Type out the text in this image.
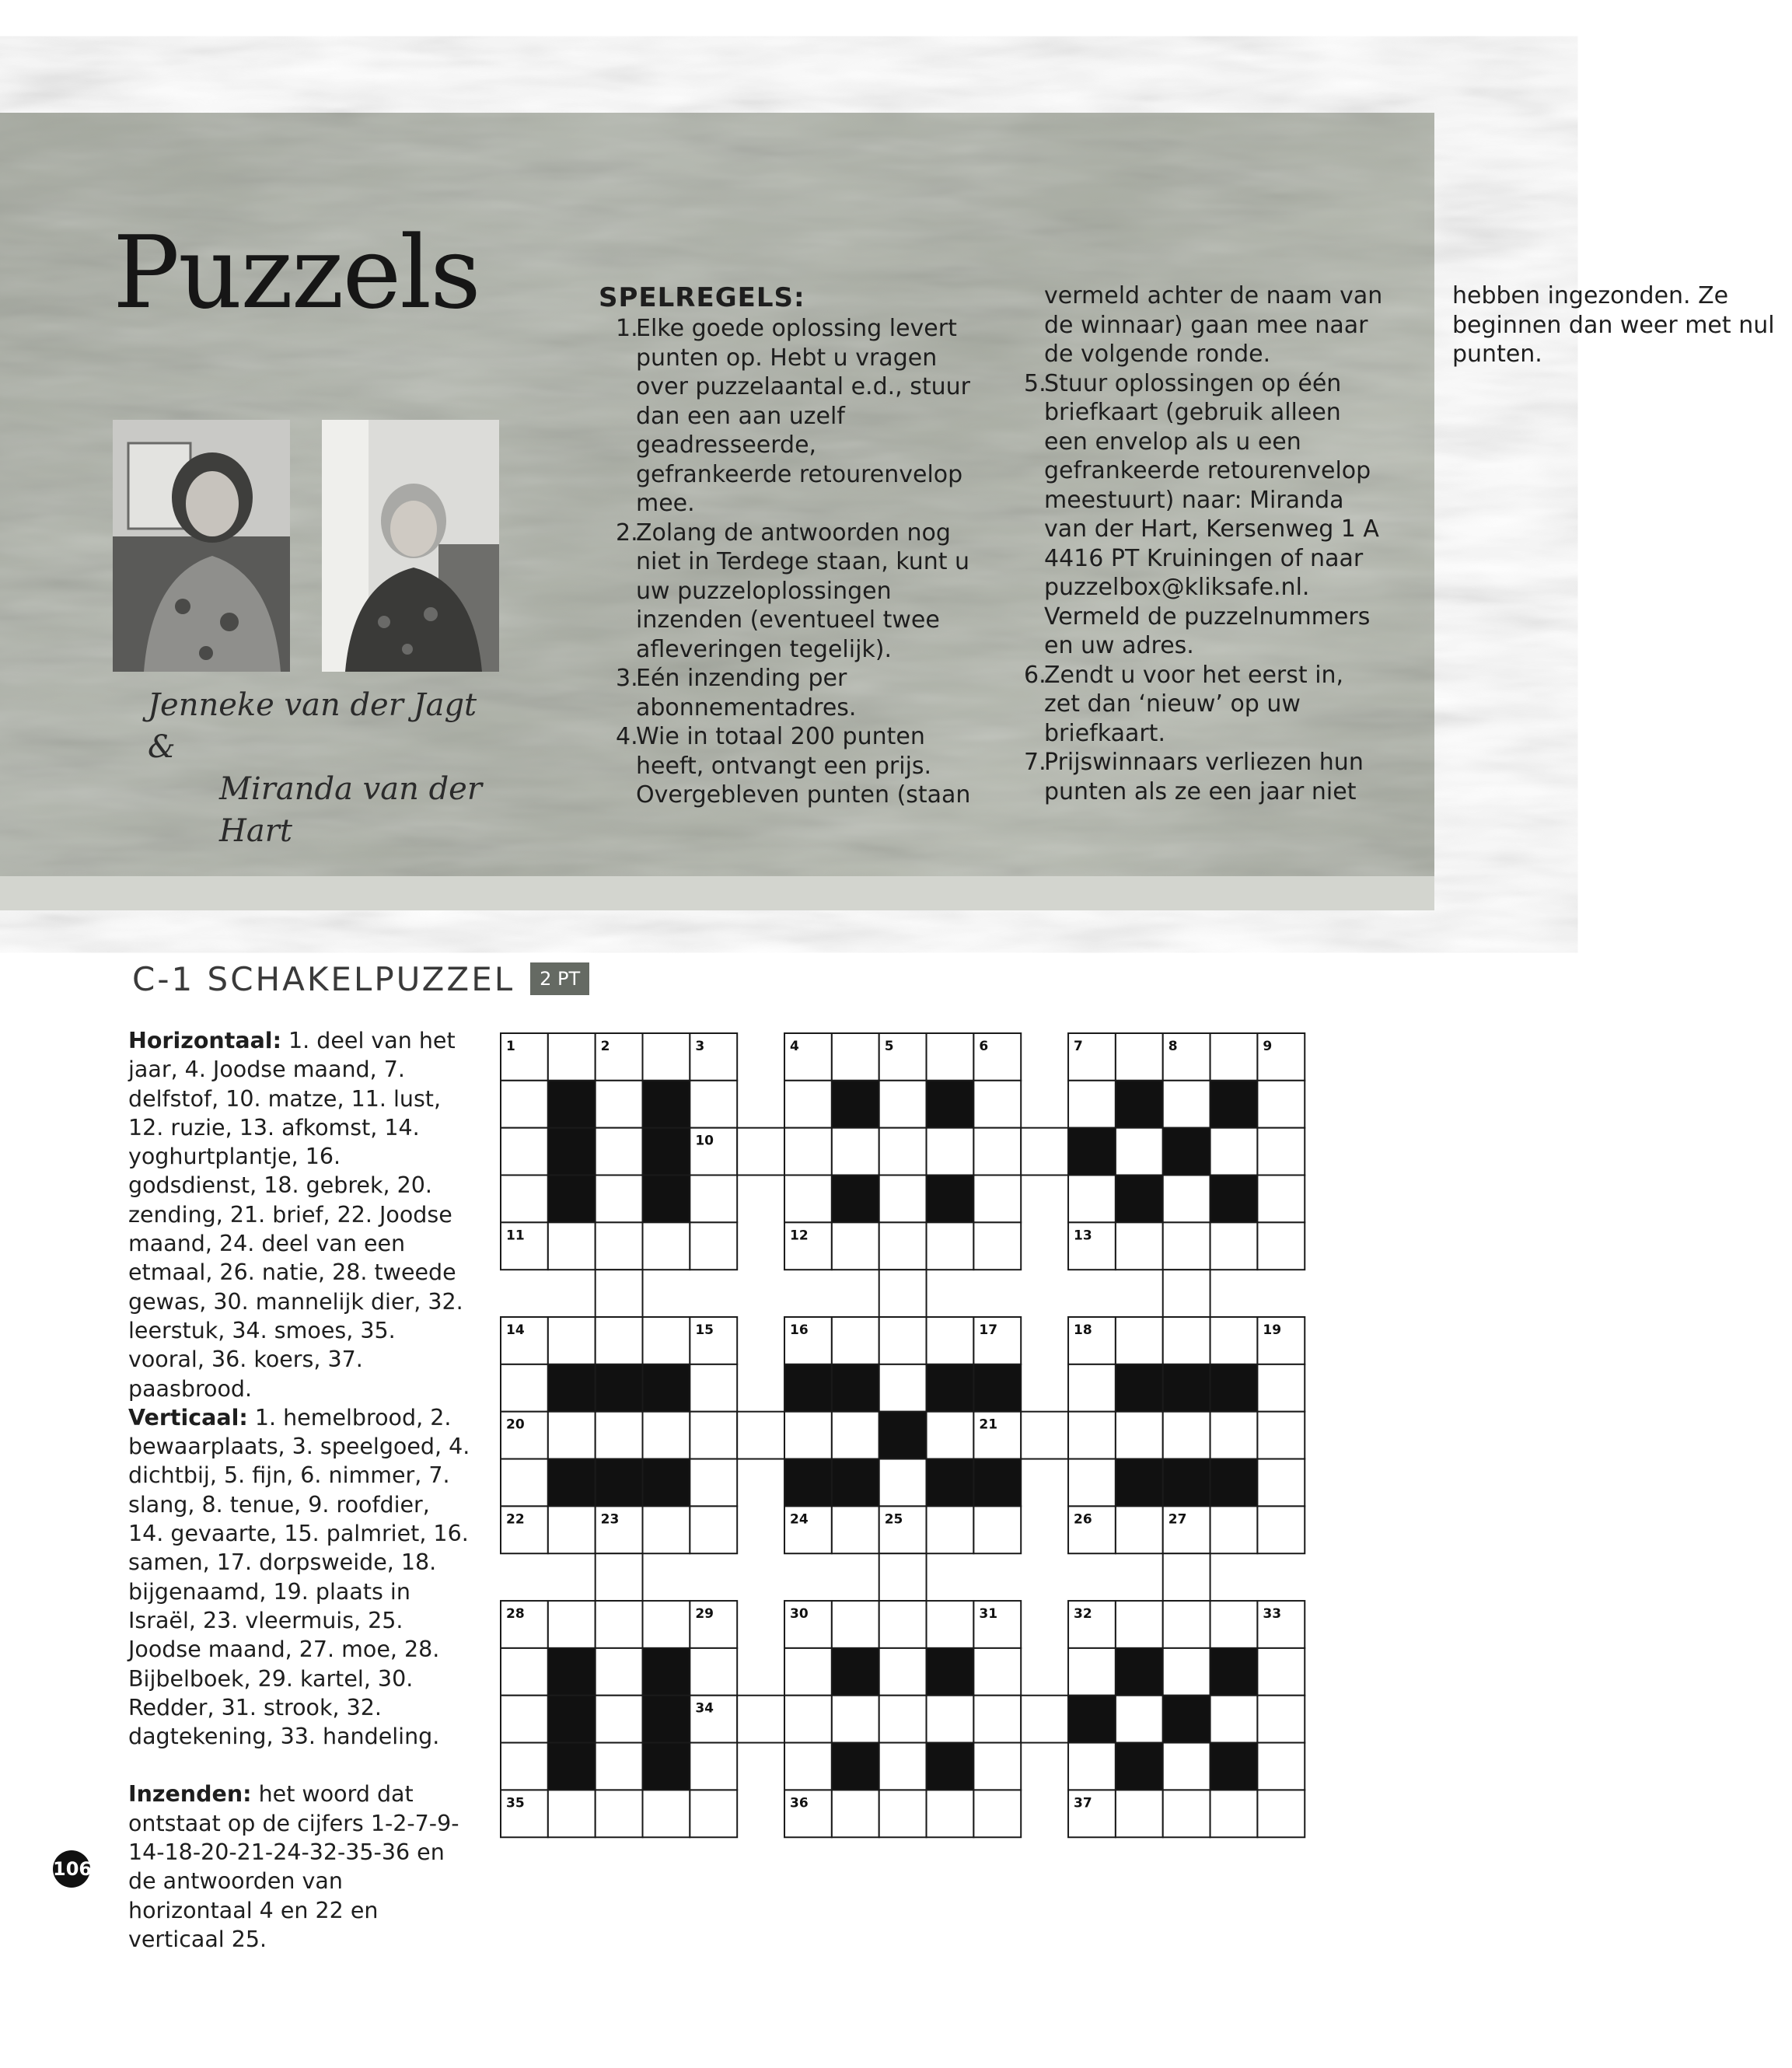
Puzzels

Jenneke van der Jagt &
Miranda van der Hart

SPELREGELS:
1.Elke goede oplossing levert punten op. Hebt u vragen over puzzelaantal e.d., stuur dan een aan uzelf geadresseerde, gefrankeerde retourenvelop mee.
2.Zolang de antwoorden nog niet in Terdege staan, kunt u uw puzzeloplossingen inzenden (eventueel twee afleveringen tegelijk).
3.Eén inzending per abonnementadres.
4.Wie in totaal 200 punten heeft, ontvangt een prijs. Overgebleven punten (staan vermeld achter de naam van de winnaar) gaan mee naar de volgende ronde.
5.Stuur oplossingen op één briefkaart (gebruik alleen een envelop als u een gefrankeerde retourenvelop meestuurt) naar: Miranda van der Hart, Kersenweg 1 A 4416 PT Kruiningen of naar puzzelbox@kliksafe.nl. Vermeld de puzzelnummers en uw adres.
6.Zendt u voor het eerst in, zet dan ‘nieuw’ op uw briefkaart.
7.Prijswinnaars verliezen hun punten als ze een jaar niet hebben ingezonden. Ze beginnen dan weer met nul punten.
C-1 SCHAKELPUZZEL	2 PT

Horizontaal: 1. deel van het jaar, 4. Joodse maand, 7. delfstof, 10. matze, 11. lust, 12. ruzie, 13. afkomst, 14. yoghurtplantje, 16. godsdienst, 18. gebrek, 20. zending, 21. brief, 22. Joodse maand, 24. deel van een etmaal, 26. natie, 28. tweede gewas, 30. mannelijk dier, 32. leerstuk, 34. smoes, 35. vooral, 36. koers, 37. paasbrood.

Verticaal: 1. hemelbrood, 2. bewaarplaats, 3. speelgoed, 4. dichtbij, 5. fijn, 6. nimmer, 7. slang, 8. tenue, 9. roofdier, 14. gevaarte, 15. palmriet, 16. samen, 17. dorpsweide, 18. bijgenaamd, 19. plaats in Israël, 23. vleermuis, 25. Joodse maand, 27. moe, 28. Bijbelboek, 29. kartel, 30. Redder, 31. strook, 32. dagtekening, 33. handeling.

Inzenden: het woord dat ontstaat op de cijfers 1-2-7-9-14-18-20-21-24-32-35-36 en de antwoorden van horizontaal 4 en 22 en verticaal 25.

1	2	3	4	5	6	7	8	9
10
11	12	13
14	15	16	17	18	19
20	21
22	23	24	25	26	27
28	29	30	31	32	33
34
35	36	37
106
